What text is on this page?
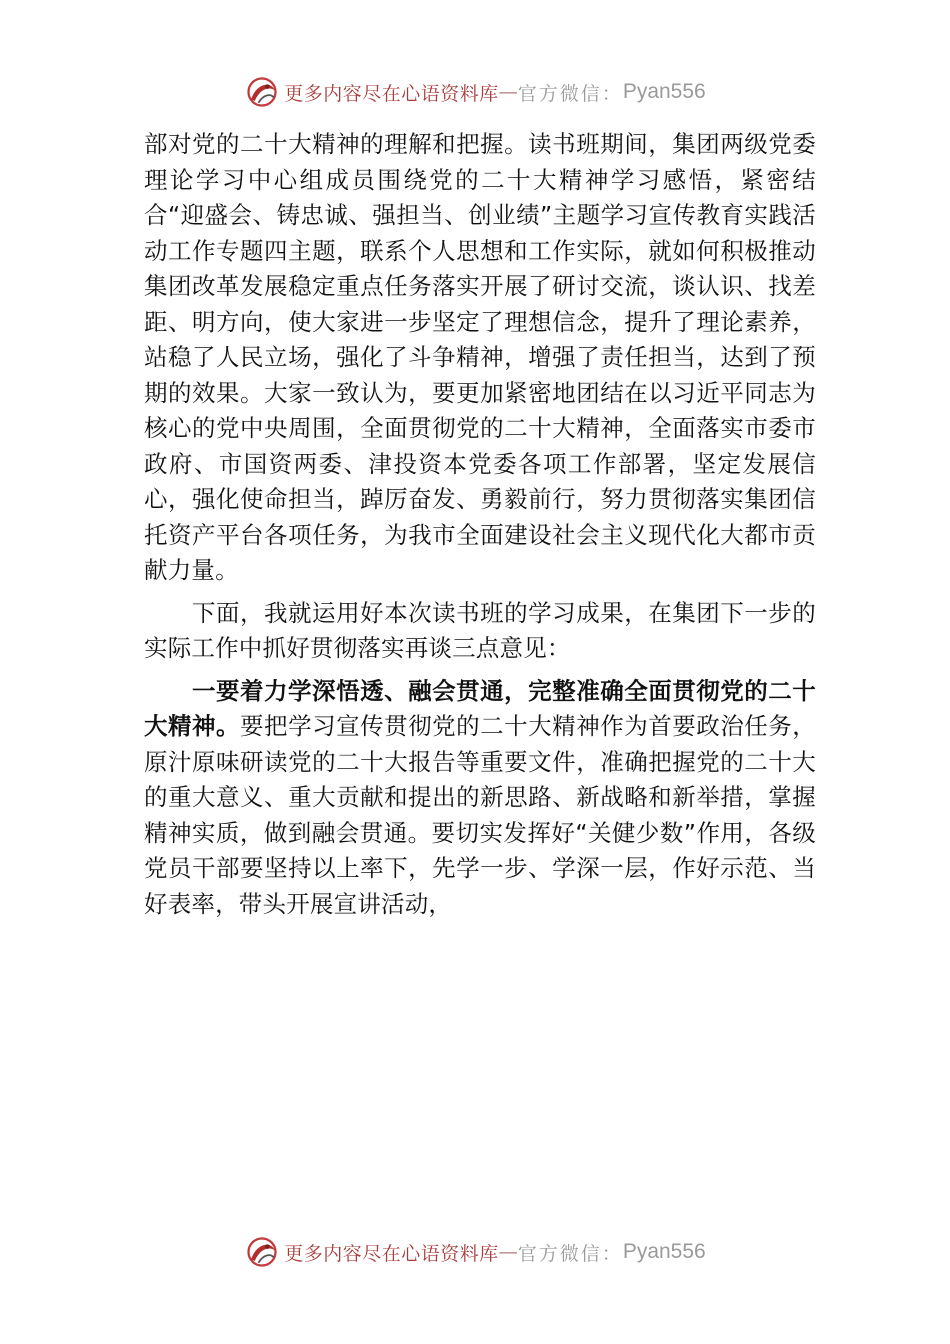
更多内容尽在心语资料库 — 官方微信： Pyan556

部对党的二十大精神的理解和把握。读书班期间，集团两级党委理论学习中心组成员围绕党的二十大精神学习感悟，紧密结合“迎盛会、铸忠诚、强担当、创业绩”主题学习宣传教育实践活动工作专题四主题，联系个人思想和工作实际，就如何积极推动集团改革发展稳定重点任务落实开展了研讨交流，谈认识、找差距、明方向，使大家进一步坚定了理想信念，提升了理论素养，站稳了人民立场，强化了斗争精神，增强了责任担当，达到了预期的效果。大家一致认为，要更加紧密地团结在以习近平同志为核心的党中央周围，全面贯彻党的二十大精神，全面落实市委市政府、市国资两委、津投资本党委各项工作部署，坚定发展信心，强化使命担当，踔厉奋发、勇毅前行，努力贯彻落实集团信托资产平台各项任务，为我市全面建设社会主义现代化大都市贡献力量。

下面，我就运用好本次读书班的学习成果，在集团下一步的实际工作中抓好贯彻落实再谈三点意见：

一要着力学深悟透、融会贯通，完整准确全面贯彻党的二十大精神。要把学习宣传贯彻党的二十大精神作为首要政治任务，原汁原味研读党的二十大报告等重要文件，准确把握党的二十大的重大意义、重大贡献和提出的新思路、新战略和新举措，掌握精神实质，做到融会贯通。要切实发挥好“关健少数”作用，各级党员干部要坚持以上率下，先学一步、学深一层，作好示范、当好表率，带头开展宣讲活动，

更多内容尽在心语资料库 — 官方微信： Pyan556
